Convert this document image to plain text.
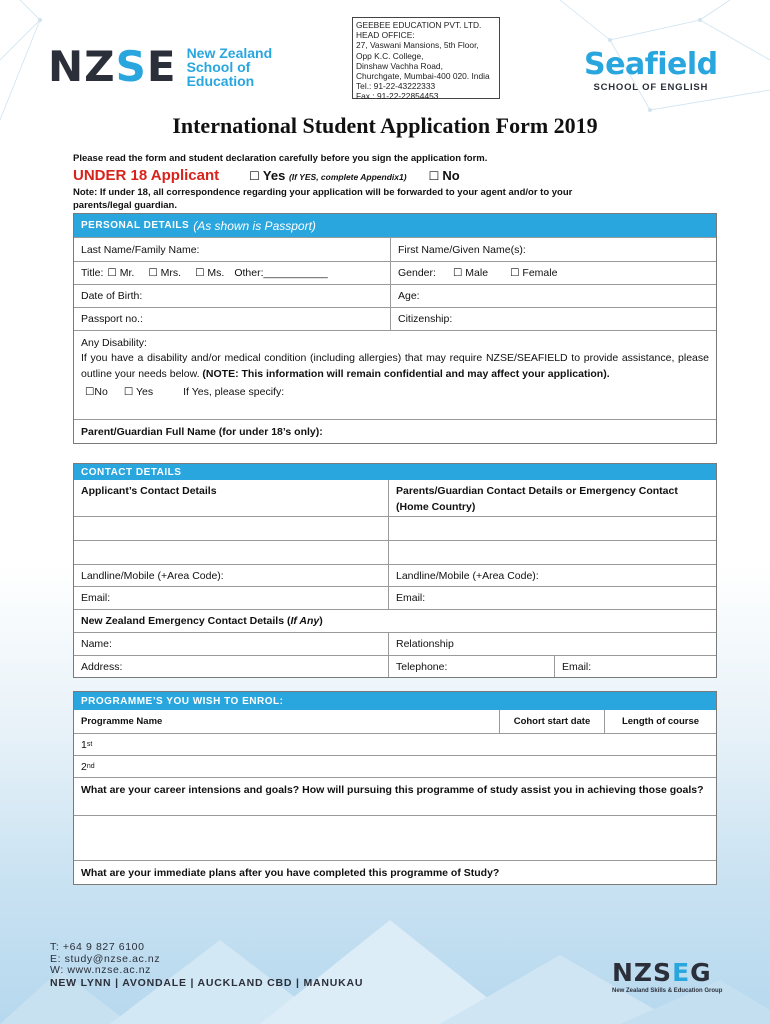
NZSE New Zealand
School of
Education
GEEBEE EDUCATION PVT. LTD.
HEAD OFFICE:
27, Vaswani Mansions, 5th Floor,
Opp K.C. College,
Dinshaw Vachha Road,
Churchgate, Mumbai-400 020. India
Tel.: 91-22-43222333
Fax.: 91-22-22854453
Seafield
SCHOOL OF ENGLISH
International Student Application Form 2019
Please read the form and student declaration carefully before you sign the application form.
UNDER 18 Applicant	☐ Yes (If YES, complete Appendix1) ☐ No
Note: If under 18, all correspondence regarding your application will be forwarded to your agent and/or to your parents/legal guardian.
PERSONAL DETAILS (As shown is Passport)
Last Name/Family Name:	First Name/Given Name(s):
Title: ☐ Mr. ☐ Mrs. ☐ Ms. Other:___________	Gender: ☐ Male ☐ Female
Date of Birth:	Age:
Passport no.:	Citizenship:
Any Disability:
If you have a disability and/or medical condition (including allergies) that may require NZSE/SEAFIELD to provide assistance, please outline your needs below. (NOTE: This information will remain confidential and may affect your application).
☐No ☐ Yes	If Yes, please specify:
Parent/Guardian Full Name (for under 18’s only):
CONTACT DETAILS
Applicant’s Contact Details	Parents/Guardian Contact Details or Emergency Contact (Home Country)
Landline/Mobile (+Area Code):	Landline/Mobile (+Area Code):
Email:	Email:
New Zealand Emergency Contact Details ( If Any )
Name:	Relationship
Address:	Telephone:	Email:
PROGRAMME’S YOU WISH TO ENROL:
Programme Name	Cohort start date	Length of course
1 st
2 nd
What are your career intensions and goals? How will pursuing this programme of study assist you in achieving those goals?
What are your immediate plans after you have completed this programme of Study?
T: +64 9 827 6100
E: study@nzse.ac.nz
W: www.nzse.ac.nz
NEW LYNN | AVONDALE | AUCKLAND CBD | MANUKAU	NZSEG
New Zealand Skills & Education Group
